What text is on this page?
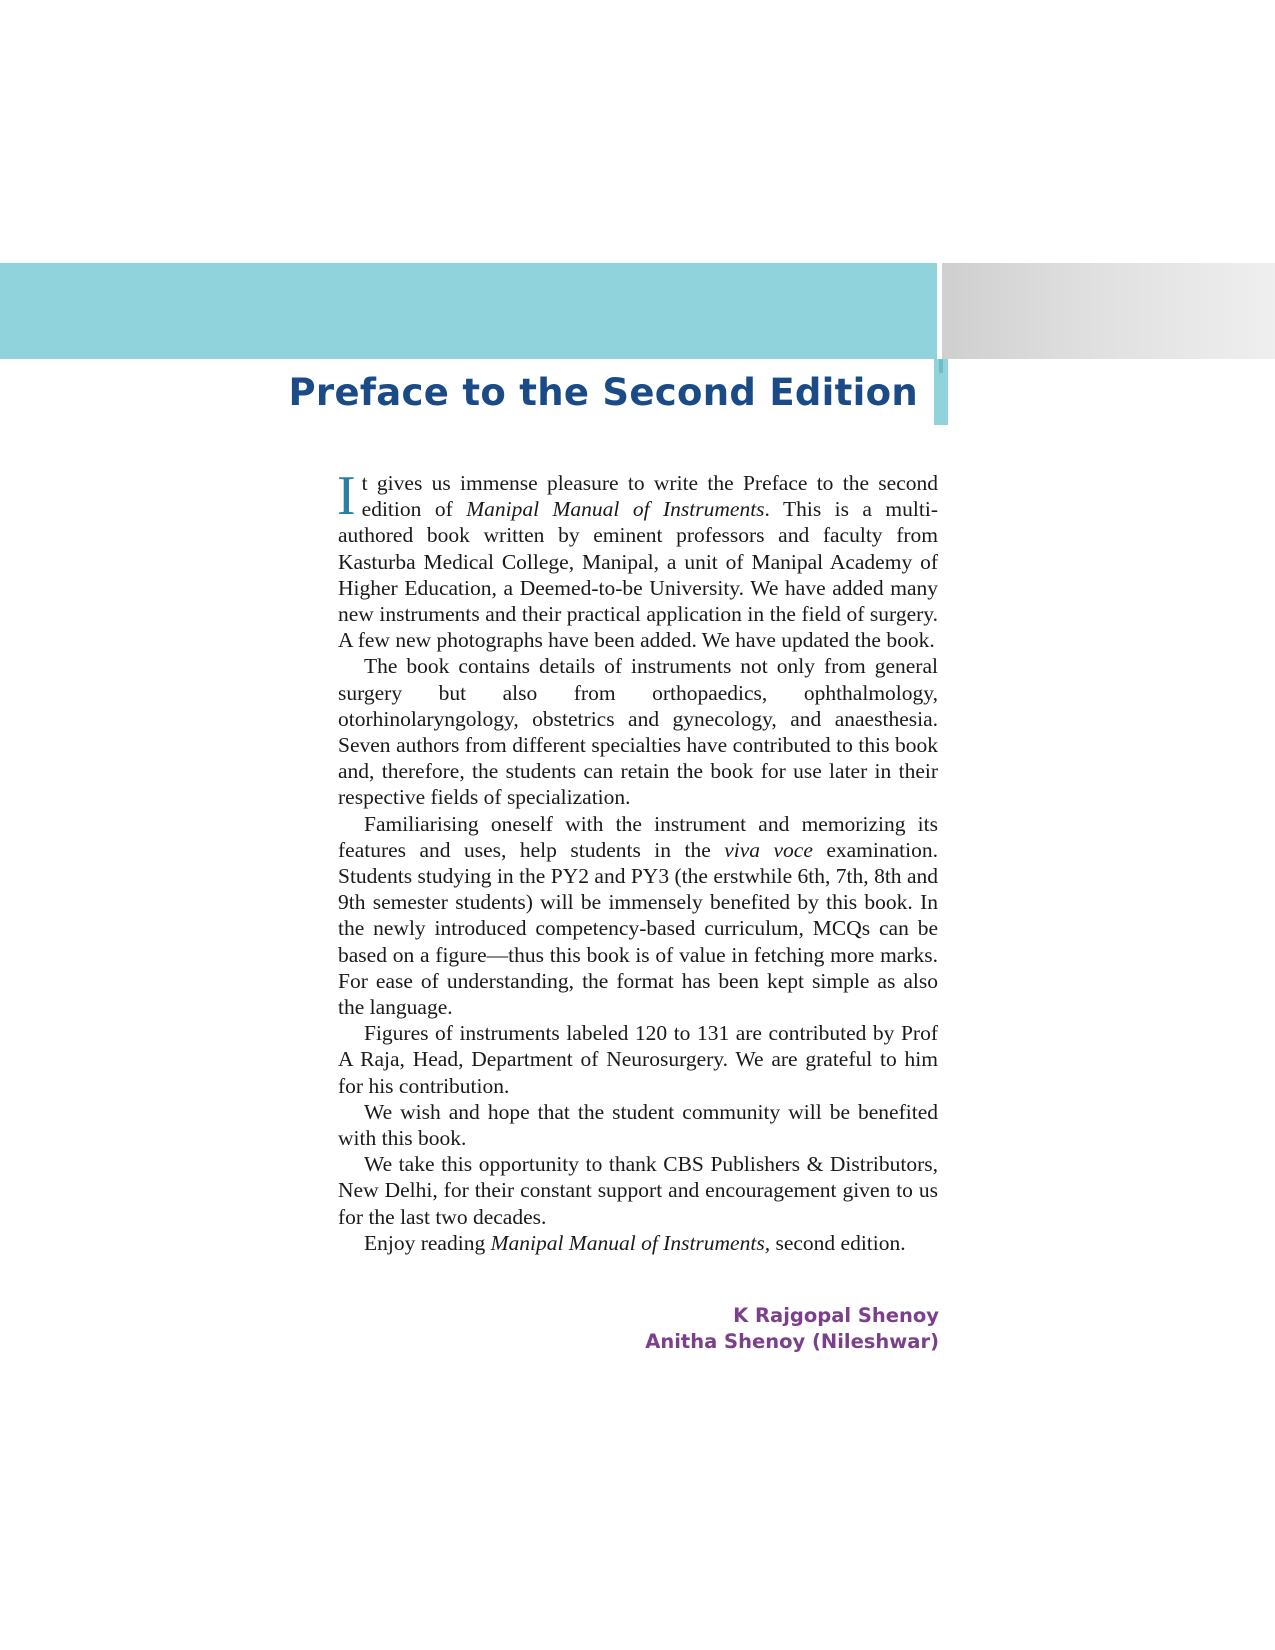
Preface to the Second Edition

It gives us immense pleasure to write the Preface to the second edition of Manipal Manual of Instruments. This is a multi-authored book written by eminent professors and faculty from Kasturba Medical College, Manipal, a unit of Manipal Academy of Higher Education, a Deemed-to-be University. We have added many new instruments and their practical application in the field of surgery. A few new photographs have been added. We have updated the book.

The book contains details of instruments not only from general surgery but also from orthopaedics, ophthalmology, otorhinolaryngology, obstetrics and gynecology, and anaesthesia. Seven authors from different specialties have contributed to this book and, therefore, the students can retain the book for use later in their respective fields of specialization.

Familiarising oneself with the instrument and memorizing its features and uses, help students in the viva voce examination. Students studying in the PY2 and PY3 (the erstwhile 6th, 7th, 8th and 9th semester students) will be immensely benefited by this book. In the newly introduced competency-based curriculum, MCQs can be based on a figure—thus this book is of value in fetching more marks. For ease of understanding, the format has been kept simple as also the language.

Figures of instruments labeled 120 to 131 are contributed by Prof A Raja, Head, Department of Neurosurgery. We are grateful to him for his contribution.

We wish and hope that the student community will be benefited with this book.

We take this opportunity to thank CBS Publishers & Distributors, New Delhi, for their constant support and encouragement given to us for the last two decades.

Enjoy reading Manipal Manual of Instruments, second edition.

K Rajgopal Shenoy
Anitha Shenoy (Nileshwar)
